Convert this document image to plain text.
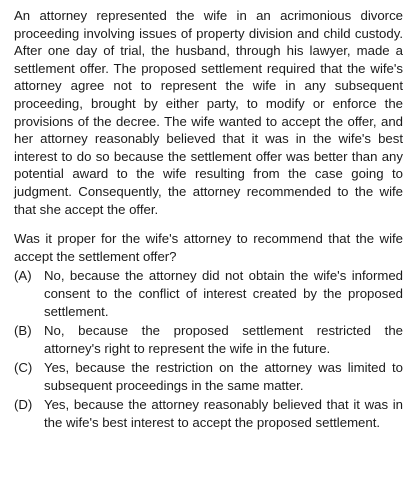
An attorney represented the wife in an acrimonious divorce proceeding involving issues of property division and child custody. After one day of trial, the husband, through his lawyer, made a settlement offer. The proposed settlement required that the wife's attorney agree not to represent the wife in any subsequent proceeding, brought by either party, to modify or enforce the provisions of the decree. The wife wanted to accept the offer, and her attorney reasonably believed that it was in the wife's best interest to do so because the settlement offer was better than any potential award to the wife resulting from the case going to judgment. Consequently, the attorney recommended to the wife that she accept the offer.

Was it proper for the wife's attorney to recommend that the wife accept the settlement offer?

(A) No, because the attorney did not obtain the wife's informed consent to the conflict of interest created by the proposed settlement.
(B) No, because the proposed settlement restricted the attorney's right to represent the wife in the future.
(C) Yes, because the restriction on the attorney was limited to subsequent proceedings in the same matter.
(D) Yes, because the attorney reasonably believed that it was in the wife's best interest to accept the proposed settlement.
